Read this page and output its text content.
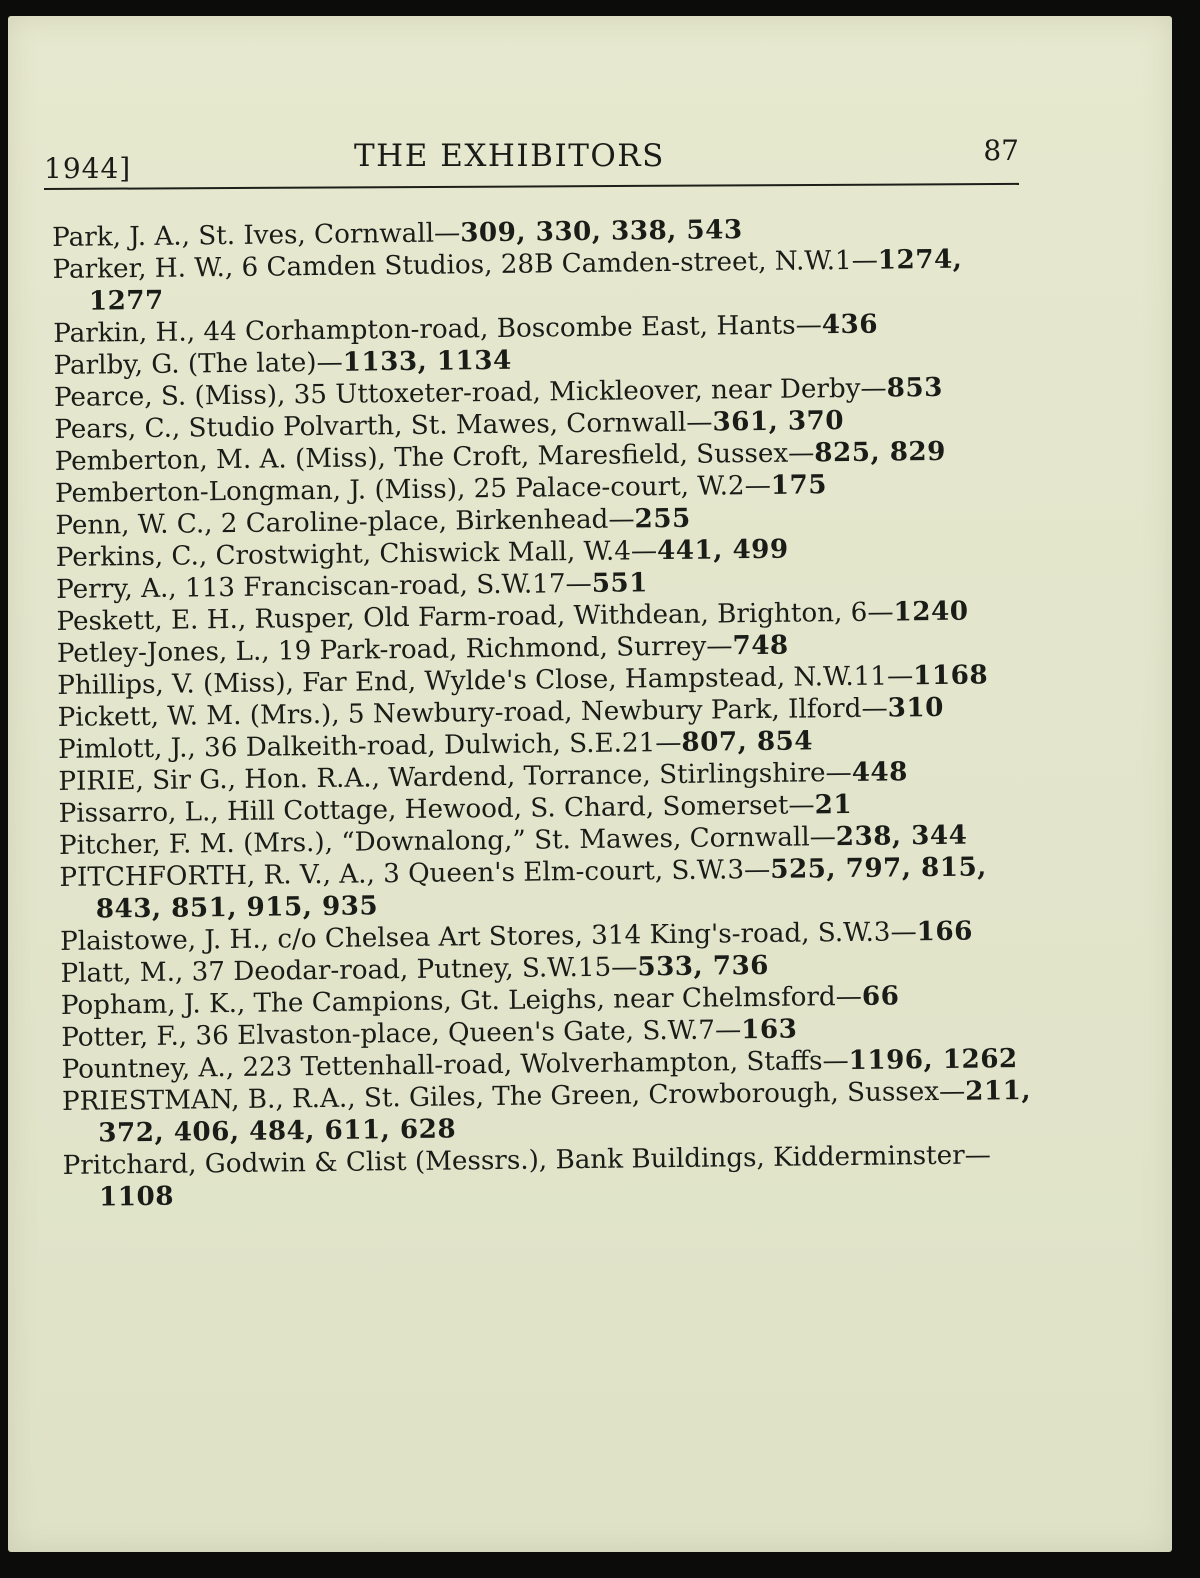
1944]	THE EXHIBITORS	87

Park, J. A., St. Ives, Cornwall—309, 330, 338, 543

Parker, H. W., 6 Camden Studios, 28B Camden-street, N.W.1—1274, 1277

Parkin, H., 44 Corhampton-road, Boscombe East, Hants—436

Parlby, G. (The late)—1133, 1134

Pearce, S. (Miss), 35 Uttoxeter-road, Mickleover, near Derby—853

Pears, C., Studio Polvarth, St. Mawes, Cornwall—361, 370

Pemberton, M. A. (Miss), The Croft, Maresfield, Sussex—825, 829

Pemberton-Longman, J. (Miss), 25 Palace-court, W.2—175

Penn, W. C., 2 Caroline-place, Birkenhead—255

Perkins, C., Crostwight, Chiswick Mall, W.4—441, 499

Perry, A., 113 Franciscan-road, S.W.17—551

Peskett, E. H., Rusper, Old Farm-road, Withdean, Brighton, 6—1240

Petley-Jones, L., 19 Park-road, Richmond, Surrey—748

Phillips, V. (Miss), Far End, Wylde's Close, Hampstead, N.W.11—1168

Pickett, W. M. (Mrs.), 5 Newbury-road, Newbury Park, Ilford—310

Pimlott, J., 36 Dalkeith-road, Dulwich, S.E.21—807, 854

PIRIE, Sir G., Hon. R.A., Wardend, Torrance, Stirlingshire—448

Pissarro, L., Hill Cottage, Hewood, S. Chard, Somerset—21

Pitcher, F. M. (Mrs.), “Downalong,” St. Mawes, Cornwall—238, 344

PITCHFORTH, R. V., A., 3 Queen's Elm-court, S.W.3—525, 797, 815, 843, 851, 915, 935

Plaistowe, J. H., c/o Chelsea Art Stores, 314 King's-road, S.W.3—166

Platt, M., 37 Deodar-road, Putney, S.W.15—533, 736

Popham, J. K., The Campions, Gt. Leighs, near Chelmsford—66

Potter, F., 36 Elvaston-place, Queen's Gate, S.W.7—163

Pountney, A., 223 Tettenhall-road, Wolverhampton, Staffs—1196, 1262

PRIESTMAN, B., R.A., St. Giles, The Green, Crowborough, Sussex—211, 372, 406, 484, 611, 628

Pritchard, Godwin & Clist (Messrs.), Bank Buildings, Kidderminster—1108
